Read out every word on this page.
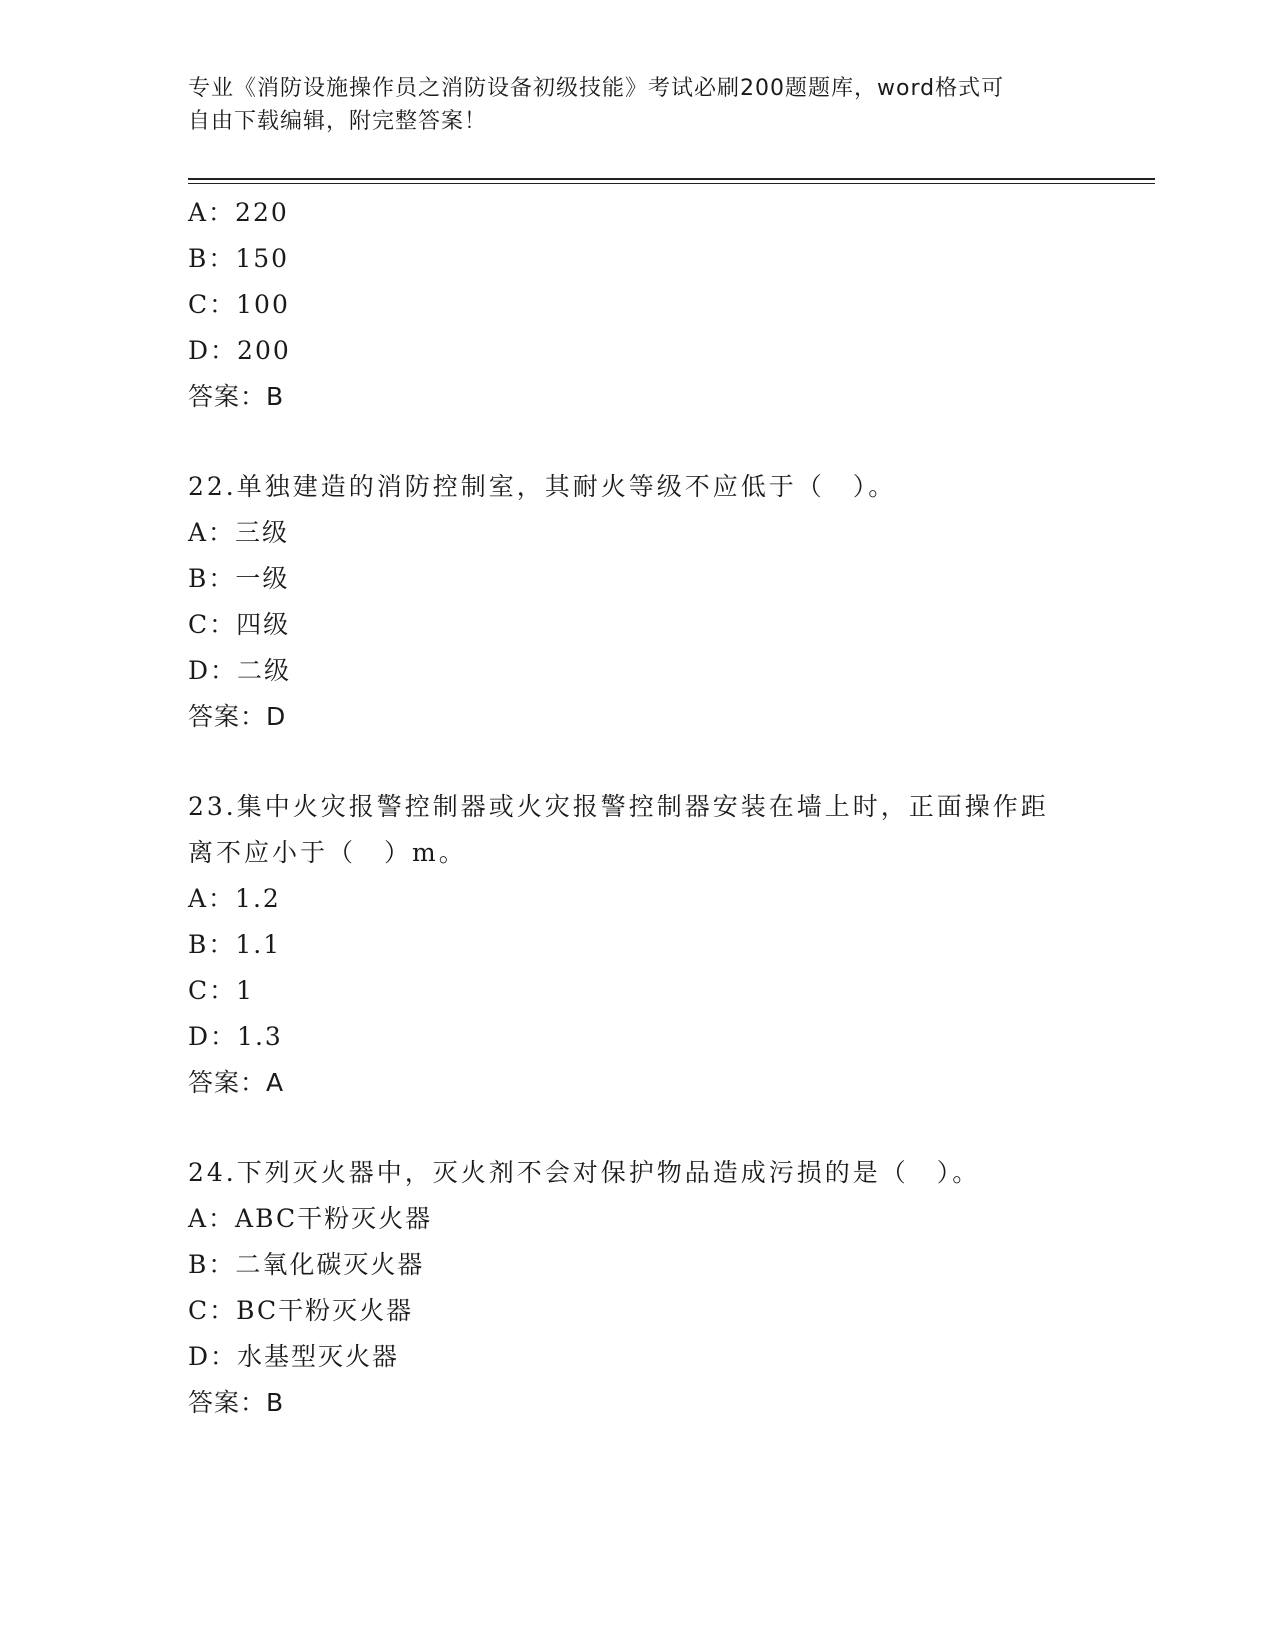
专业《消防设施操作员之消防设备初级技能》考试必刷200题题库，word格式可
自由下载编辑，附完整答案！
A：220
B：150
C：100
D：200
答案：B
22.单独建造的消防控制室，其耐火等级不应低于（　）。
A：三级
B：一级
C：四级
D：二级
答案：D
23.集中火灾报警控制器或火灾报警控制器安装在墙上时，正面操作距
离不应小于（　）m。
A：1.2
B：1.1
C：1
D：1.3
答案：A
24.下列灭火器中，灭火剂不会对保护物品造成污损的是（　）。
A：ABC干粉灭火器
B：二氧化碳灭火器
C：BC干粉灭火器
D：水基型灭火器
答案：B
